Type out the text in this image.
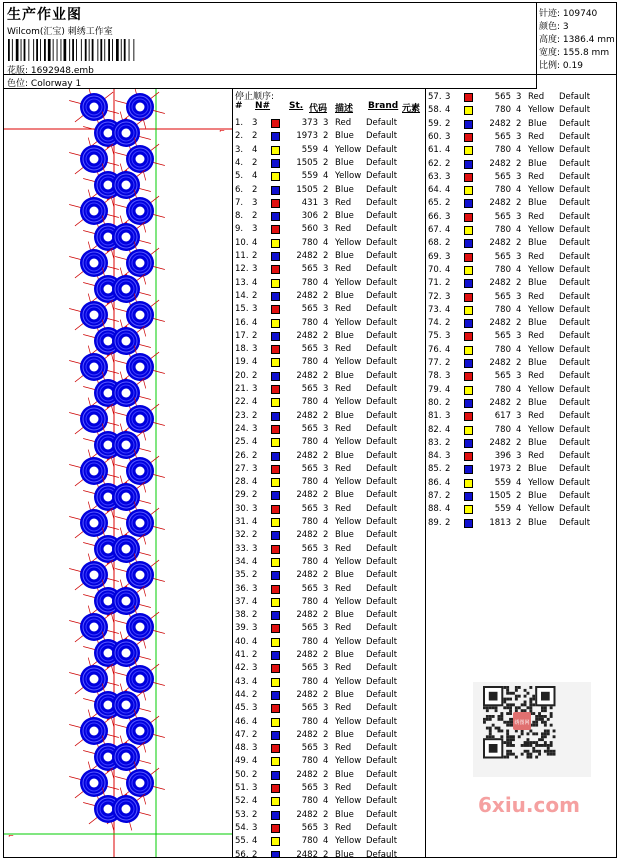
生产作业图
Wilcom(汇宝) 刺绣工作室
花版: 1692948.emb
色位: Colorway 1
针迹: 109740
颜色: 3
高度: 1386.4 mm
宽度: 155.8 mm
比例: 0.19
⌐
⌐
停止顺序:
# N# St. 代码 描述 Brand 元素
1. 3	373 3 Red Default
2. 2	1973 2 Blue Default
3. 4	559 4 Yellow Default
4. 2	1505 2 Blue Default
5. 4	559 4 Yellow Default
6. 2	1505 2 Blue Default
7. 3	431 3 Red Default
8. 2	306 2 Blue Default
9. 3	560 3 Red Default
10. 4	780 4 Yellow Default
11. 2	2482 2 Blue Default
12. 3	565 3 Red Default
13. 4	780 4 Yellow Default
14. 2	2482 2 Blue Default
15. 3	565 3 Red Default
16. 4	780 4 Yellow Default
17. 2	2482 2 Blue Default
18. 3	565 3 Red Default
19. 4	780 4 Yellow Default
20. 2	2482 2 Blue Default
21. 3	565 3 Red Default
22. 4	780 4 Yellow Default
23. 2	2482 2 Blue Default
24. 3	565 3 Red Default
25. 4	780 4 Yellow Default
26. 2	2482 2 Blue Default
27. 3	565 3 Red Default
28. 4	780 4 Yellow Default
29. 2	2482 2 Blue Default
30. 3	565 3 Red Default
31. 4	780 4 Yellow Default
32. 2	2482 2 Blue Default
33. 3	565 3 Red Default
34. 4	780 4 Yellow Default
35. 2	2482 2 Blue Default
36. 3	565 3 Red Default
37. 4	780 4 Yellow Default
38. 2	2482 2 Blue Default
39. 3	565 3 Red Default
40. 4	780 4 Yellow Default
41. 2	2482 2 Blue Default
42. 3	565 3 Red Default
43. 4	780 4 Yellow Default
44. 2	2482 2 Blue Default
45. 3	565 3 Red Default
46. 4	780 4 Yellow Default
47. 2	2482 2 Blue Default
48. 3	565 3 Red Default
49. 4	780 4 Yellow Default
50. 2	2482 2 Blue Default
51. 3	565 3 Red Default
52. 4	780 4 Yellow Default
53. 2	2482 2 Blue Default
54. 3	565 3 Red Default
55. 4	780 4 Yellow Default
56. 2	2482 2 Blue Default
57. 3	565 3 Red Default
58. 4	780 4 Yellow Default
59. 2	2482 2 Blue Default
60. 3	565 3 Red Default
61. 4	780 4 Yellow Default
62. 2	2482 2 Blue Default
63. 3	565 3 Red Default
64. 4	780 4 Yellow Default
65. 2	2482 2 Blue Default
66. 3	565 3 Red Default
67. 4	780 4 Yellow Default
68. 2	2482 2 Blue Default
69. 3	565 3 Red Default
70. 4	780 4 Yellow Default
71. 2	2482 2 Blue Default
72. 3	565 3 Red Default
73. 4	780 4 Yellow Default
74. 2	2482 2 Blue Default
75. 3	565 3 Red Default
76. 4	780 4 Yellow Default
77. 2	2482 2 Blue Default
78. 3	565 3 Red Default
79. 4	780 4 Yellow Default
80. 2	2482 2 Blue Default
81. 3	617 3 Red Default
82. 4	780 4 Yellow Default
83. 2	2482 2 Blue Default
84. 3	396 3 Red Default
85. 2	1973 2 Blue Default
86. 4	559 4 Yellow Default
87. 2	1505 2 Blue Default
88. 4	559 4 Yellow Default
89. 2	1813 2 Blue Default
绣图网
6xiu.com
